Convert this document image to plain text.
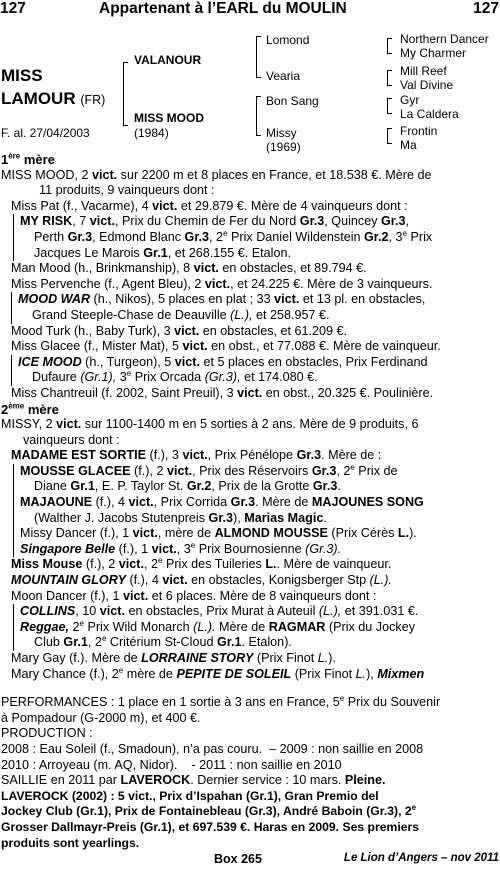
127	Appartenant à l’EARL du MOULIN	127
MISS
LAMOUR (FR)
F. al. 27/04/2003
VALANOUR
MISS MOOD
(1984)
Lomond
Vearia
Bon Sang
Missy
(1969)
Northern Dancer
My Charmer
Mill Reef
Val Divine
Gyr
La Caldera
Frontin
Ma
1ère mère
MISS MOOD, 2 vict. sur 2200 m et 8 places en France, et 18.538 €. Mère de
11 produits, 9 vainqueurs dont :
Miss Pat (f., Vacarme), 4 vict. et 29.879 €. Mère de 4 vainqueurs dont :
MY RISK, 7 vict., Prix du Chemin de Fer du Nord Gr.3, Quincey Gr.3,
Perth Gr.3, Edmond Blanc Gr.3, 2e Prix Daniel Wildenstein Gr.2, 3e Prix
Jacques Le Marois Gr.1, et 268.155 €. Etalon.
Man Mood (h., Brinkmanship), 8 vict. en obstacles, et 89.794 €.
Miss Pervenche (f., Agent Bleu), 2 vict., et 24.225 €. Mère de 3 vainqueurs.
MOOD WAR (h., Nikos), 5 places en plat ; 33 vict. et 13 pl. en obstacles,
Grand Steeple-Chase de Deauville (L.), et 258.957 €.
Mood Turk (h., Baby Turk), 3 vict. en obstacles, et 61.209 €.
Miss Glacee (f., Mister Mat), 5 vict. en obst., et 77.088 €. Mère de vainqueur.
ICE MOOD (h., Turgeon), 5 vict. et 5 places en obstacles, Prix Ferdinand
Dufaure (Gr.1), 3e Prix Orcada (Gr.3), et 174.080 €.
Miss Chantreuil (f. 2002, Saint Preuil), 3 vict. en obst., 20.325 €. Poulinière.
2ème mère
MISSY, 2 vict. sur 1100-1400 m en 5 sorties à 2 ans. Mère de 9 produits, 6
vainqueurs dont :
MADAME EST SORTIE (f.), 3 vict., Prix Pénélope Gr.3. Mère de :
MOUSSE GLACEE (f.), 2 vict., Prix des Réservoirs Gr.3, 2e Prix de
Diane Gr.1, E. P. Taylor St. Gr.2, Prix de la Grotte Gr.3.
MAJAOUNE (f.), 4 vict., Prix Corrida Gr.3. Mère de MAJOUNES SONG
(Walther J. Jacobs Stutenpreis Gr.3), Marias Magic.
Missy Dancer (f.), 1 vict., mère de ALMOND MOUSSE (Prix Cérès L.).
Singapore Belle (f.), 1 vict., 3e Prix Bournosienne (Gr.3).
Miss Mouse (f.), 2 vict., 2e Prix des Tuileries L.. Mère de vainqueur.
MOUNTAIN GLORY (f.), 4 vict. en obstacles, Konigsberger Stp (L.).
Moon Dancer (f.), 1 vict. et 6 places. Mère de 8 vainqueurs dont :
COLLINS, 10 vict. en obstacles, Prix Murat à Auteuil (L.), et 391.031 €.
Reggae, 2e Prix Wild Monarch (L.). Mère de RAGMAR (Prix du Jockey
Club Gr.1, 2e Critérium St-Cloud Gr.1. Etalon).
Mary Gay (f.). Mère de LORRAINE STORY (Prix Finot L.).
Mary Chance (f.), 2e mère de PEPITE DE SOLEIL (Prix Finot L.), Mixmen
PERFORMANCES : 1 place en 1 sortie à 3 ans en France, 5e Prix du Souvenir
à Pompadour (G-2000 m), et 400 €.
PRODUCTION :
2008 : Eau Soleil (f., Smadoun), n’a pas couru.  – 2009 : non saillie en 2008
2010 : Arroyeau (m. AQ, Nidor).    - 2011 : non saillie en 2010
SAILLIE en 2011 par LAVEROCK. Dernier service : 10 mars. Pleine.
LAVEROCK (2002) : 5 vict., Prix d’Ispahan (Gr.1), Gran Premio del
Jockey Club (Gr.1), Prix de Fontainebleau (Gr.3), André Baboin (Gr.3), 2e
Grosser Dallmayr-Preis (Gr.1), et 697.539 €. Haras en 2009. Ses premiers
produits sont yearlings.
Box 265	Le Lion d’Angers – nov 2011
